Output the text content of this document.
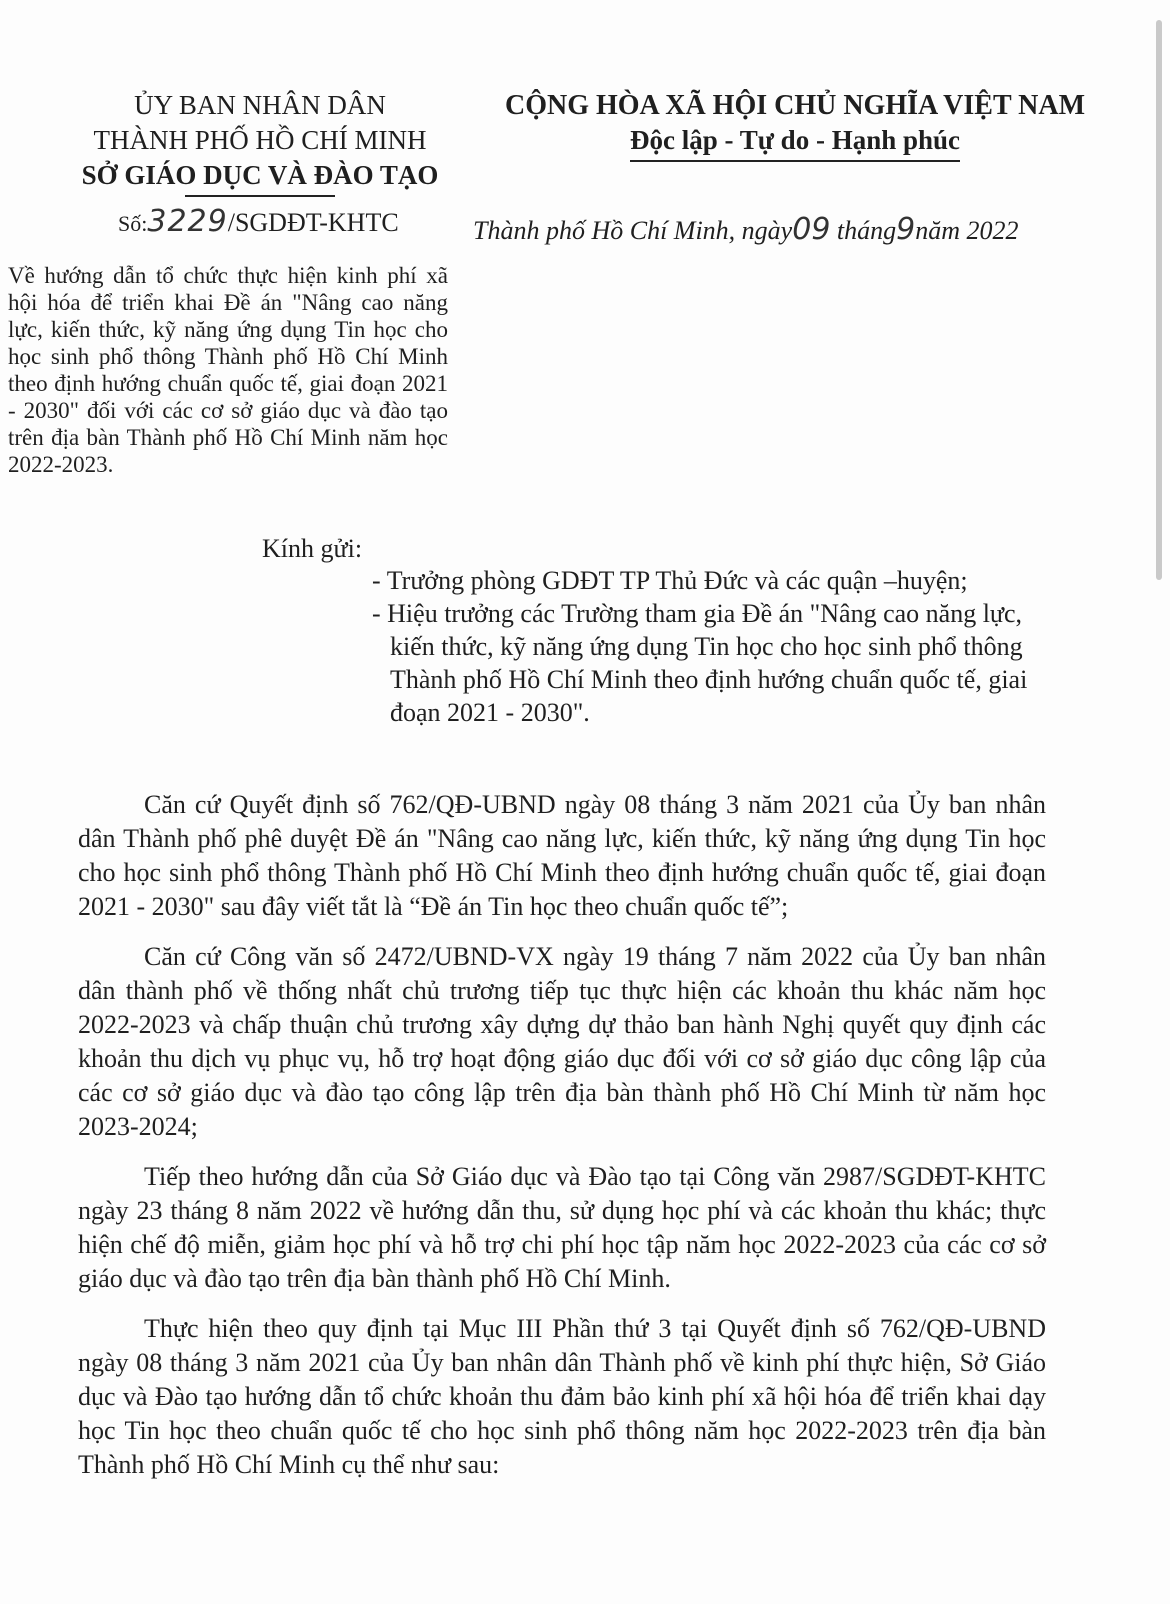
ỦY BAN NHÂN DÂN
THÀNH PHỐ HỒ CHÍ MINH
SỞ GIÁO DỤC VÀ ĐÀO TẠO
CỘNG HÒA XÃ HỘI CHỦ NGHĨA VIỆT NAM
Độc lập - Tự do - Hạnh phúc
Số:3229/SGDĐT-KHTC	Thành phố Hồ Chí Minh, ngày09 tháng9năm 2022
Về hướng dẫn tổ chức thực hiện kinh phí xã hội hóa để triển khai Đề án "Nâng cao năng lực, kiến thức, kỹ năng ứng dụng Tin học cho học sinh phổ thông Thành phố Hồ Chí Minh theo định hướng chuẩn quốc tế, giai đoạn 2021 - 2030" đối với các cơ sở giáo dục và đào tạo trên địa bàn Thành phố Hồ Chí Minh năm học 2022-2023.
Kính gửi:
- Trưởng phòng GDĐT TP Thủ Đức và các quận –huyện;
- Hiệu trưởng các Trường tham gia Đề án "Nâng cao năng lực, kiến thức, kỹ năng ứng dụng Tin học cho học sinh phổ thông Thành phố Hồ Chí Minh theo định hướng chuẩn quốc tế, giai đoạn 2021 - 2030".

Căn cứ Quyết định số 762/QĐ-UBND ngày 08 tháng 3 năm 2021 của Ủy ban nhân dân Thành phố phê duyệt Đề án "Nâng cao năng lực, kiến thức, kỹ năng ứng dụng Tin học cho học sinh phổ thông Thành phố Hồ Chí Minh theo định hướng chuẩn quốc tế, giai đoạn 2021 - 2030" sau đây viết tắt là “Đề án Tin học theo chuẩn quốc tế”;

Căn cứ Công văn số 2472/UBND-VX ngày 19 tháng 7 năm 2022 của Ủy ban nhân dân thành phố về thống nhất chủ trương tiếp tục thực hiện các khoản thu khác năm học 2022-2023 và chấp thuận chủ trương xây dựng dự thảo ban hành Nghị quyết quy định các khoản thu dịch vụ phục vụ, hỗ trợ hoạt động giáo dục đối với cơ sở giáo dục công lập của các cơ sở giáo dục và đào tạo công lập trên địa bàn thành phố Hồ Chí Minh từ năm học 2023-2024;

Tiếp theo hướng dẫn của Sở Giáo dục và Đào tạo tại Công văn 2987/SGDĐT-KHTC ngày 23 tháng 8 năm 2022 về hướng dẫn thu, sử dụng học phí và các khoản thu khác; thực hiện chế độ miễn, giảm học phí và hỗ trợ chi phí học tập năm học 2022-2023 của các cơ sở giáo dục và đào tạo trên địa bàn thành phố Hồ Chí Minh.

Thực hiện theo quy định tại Mục III Phần thứ 3 tại Quyết định số 762/QĐ-UBND ngày 08 tháng 3 năm 2021 của Ủy ban nhân dân Thành phố về kinh phí thực hiện, Sở Giáo dục và Đào tạo hướng dẫn tổ chức khoản thu đảm bảo kinh phí xã hội hóa để triển khai dạy học Tin học theo chuẩn quốc tế cho học sinh phổ thông năm học 2022-2023 trên địa bàn Thành phố Hồ Chí Minh cụ thể như sau:
